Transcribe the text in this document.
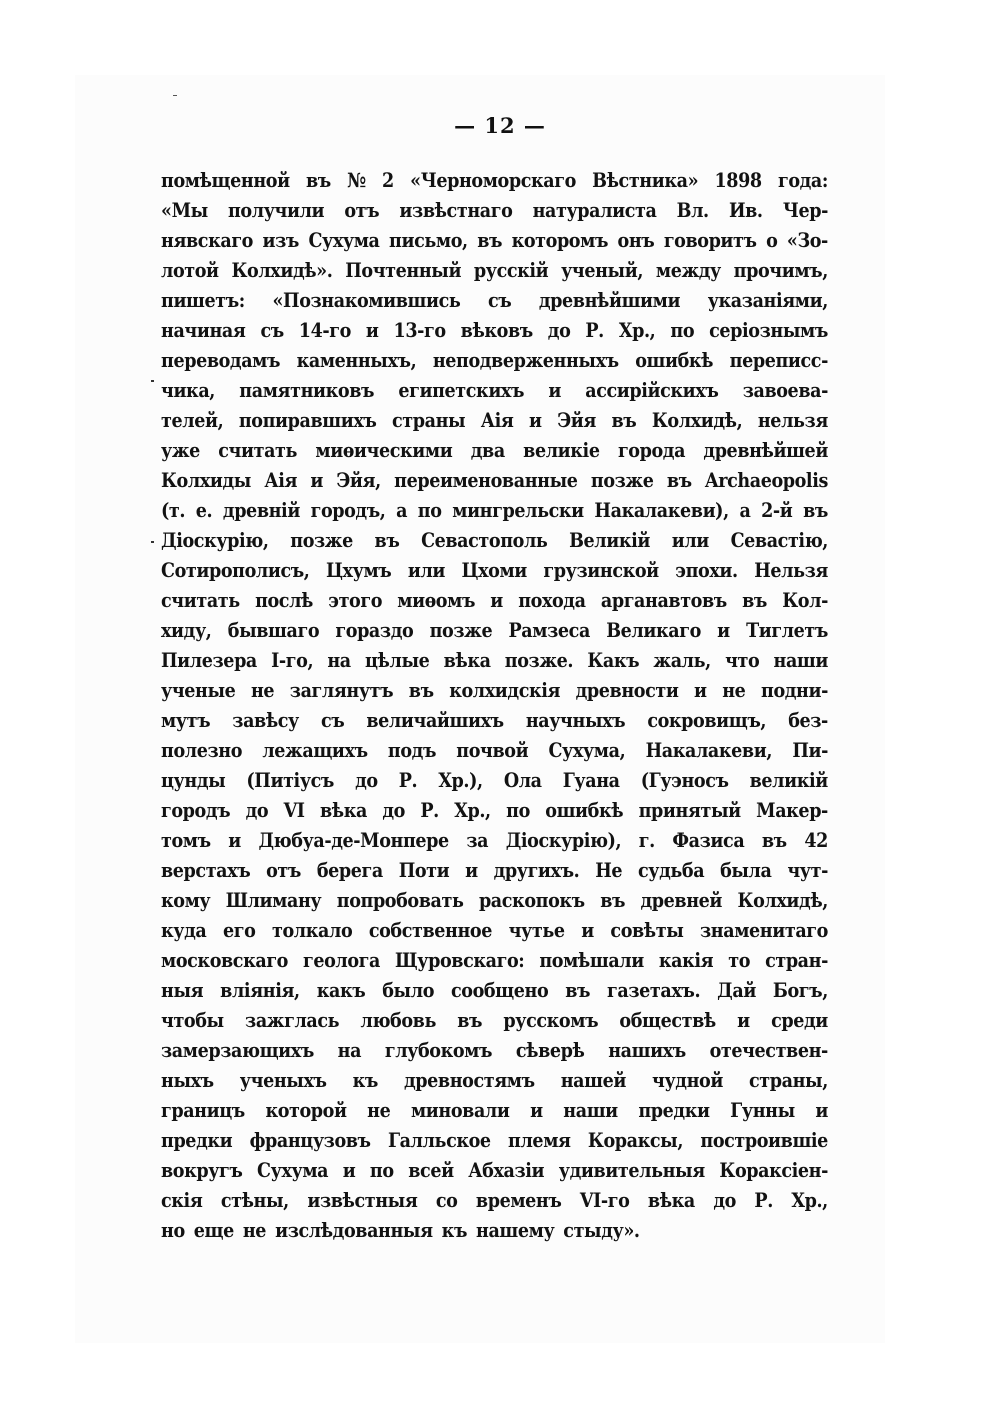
— 12 —
помѣщенной въ № 2 «Черноморскаго Вѣстника» 1898 года:
«Мы получили отъ извѣстнаго натуралиста Вл. Ив. Чер-
нявскаго изъ Сухума письмо, въ которомъ онъ говоритъ о «Зо-
лотой Колхидѣ». Почтенный русскій ученый, между прочимъ,
пишетъ: «Познакомившись съ древнѣйшими указаніями,
начиная съ 14-го и 13-го вѣковъ до Р. Хр., по серіознымъ
переводамъ каменныхъ, неподверженныхъ ошибкѣ переписс-
чика, памятниковъ египетскихъ и ассирійскихъ завоева-
телей, попиравшихъ страны Аія и Эйя въ Колхидѣ, нельзя
уже считать миѳическими два великіе города древнѣйшей
Колхиды Аія и Эйя, переименованные позже въ Archaeopolis
(т. е. древній городъ, а по мингрельски Накалакеви), а 2-й въ
Діоскурію, позже въ Севастополь Великій или Севастію,
Сотирополисъ, Цхумъ или Цхоми грузинской эпохи. Нельзя
считать послѣ этого миѳомъ и похода арганавтовъ въ Кол-
хиду, бывшаго гораздо позже Рамзеса Великаго и Тиглетъ
Пилезера I-го, на цѣлые вѣка позже. Какъ жаль, что наши
ученые не заглянутъ въ колхидскія древности и не подни-
мутъ завѣсу съ величайшихъ научныхъ сокровищъ, без-
полезно лежащихъ подъ почвой Сухума, Накалакеви, Пи-
цунды (Питіусъ до Р. Хр.), Ола Гуана (Гуэносъ великій
городъ до VI вѣка до Р. Хр., по ошибкѣ принятый Макер-
томъ и Дюбуа-де-Монпере за Діоскурію), г. Фазиса въ 42
верстахъ отъ берега Поти и другихъ. Не судьба была чут-
кому Шлиману попробовать раскопокъ въ древней Колхидѣ,
куда его толкало собственное чутье и совѣты знаменитаго
московскаго геолога Щуровскаго: помѣшали какія то стран-
ныя вліянія, какъ было сообщено въ газетахъ. Дай Богъ,
чтобы зажглась любовь въ русскомъ обществѣ и среди
замерзающихъ на глубокомъ сѣверѣ нашихъ отечествен-
ныхъ ученыхъ къ древностямъ нашей чудной страны,
границъ которой не миновали и наши предки Гунны и
предки французовъ Галльское племя Кораксы, построившіе
вокругъ Сухума и по всей Абхазіи удивительныя Кораксіен-
скія стѣны, извѣстныя со временъ VI-го вѣка до Р. Хр.,
но еще не изслѣдованныя къ нашему стыду».
